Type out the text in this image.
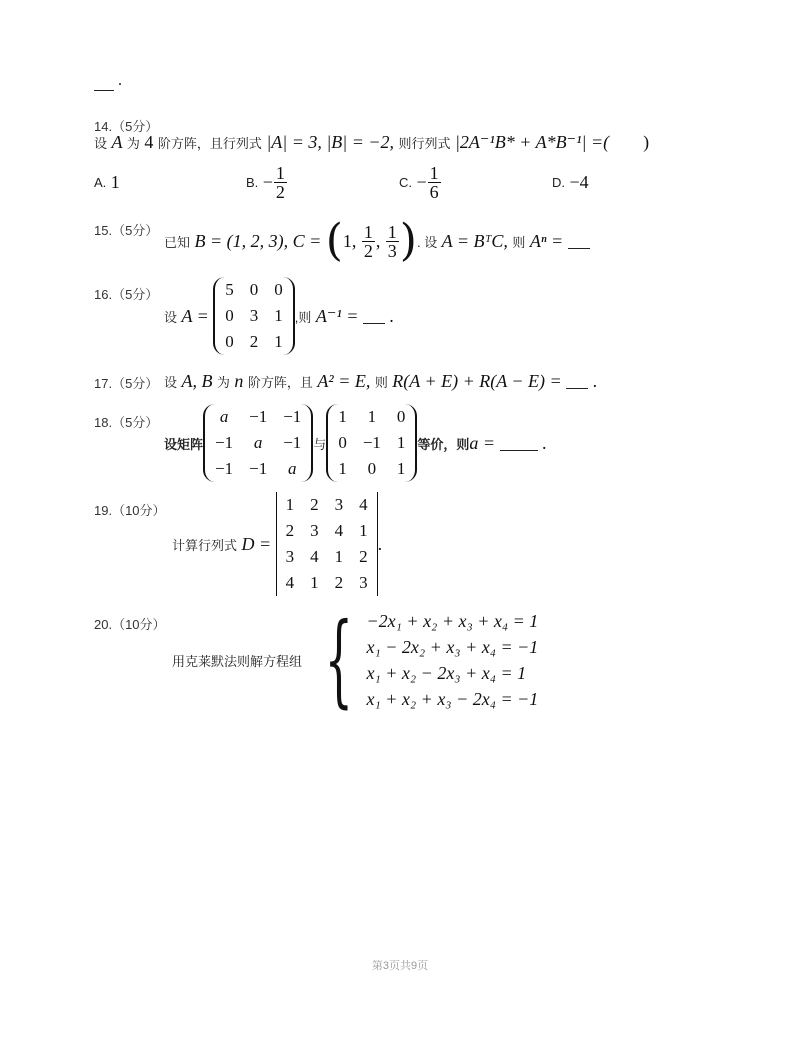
.
14.（5分）
设
A
为
4
阶方阵，且行列式
|A| = 3, |B| = −2,
则行列式
|2A⁻¹B* + A*B⁻¹| =( )
A.
1	B.
− $\frac{1}{2}$	C.
− $\frac{1}{6}$	D.
−4
15.（5分）
已知
B = (1, 2, 3), C =
( 1,
$\frac{1}{2}$ ,
$\frac{1}{3}$ ) . 设
A = BᵀC,
则
Aⁿ =

16.（5分）
设
A =

5	0	0
0	3	1
0	2	1
,则
A⁻¹ =

.
17.（5分） 设
A, B
为
n
阶方阵，且
A² = E,
则
R(A + E) + R(A − E) =

.
18.（5分）
设矩阵
a	−1	−1
−1	a	−1
−1	−1	a
与
1	1	0
0	−1	1
1	0	1
等价，则 a =

	.
19.（10分）
计算行列式
D =

1	2	3	4
2	3	4	1
3	4	1	2
4	1	2	3
.
20.（10分）
用克莱默法则解方程组
{ −2x₁ + x₂ + x₃ + x₄ = 1
x₁ − 2x₂ + x₃ + x₄ = −1
x₁ + x₂ − 2x₃ + x₄ = 1
x₁ + x₂ + x₃ − 2x₄ = −1
第3页共9页
